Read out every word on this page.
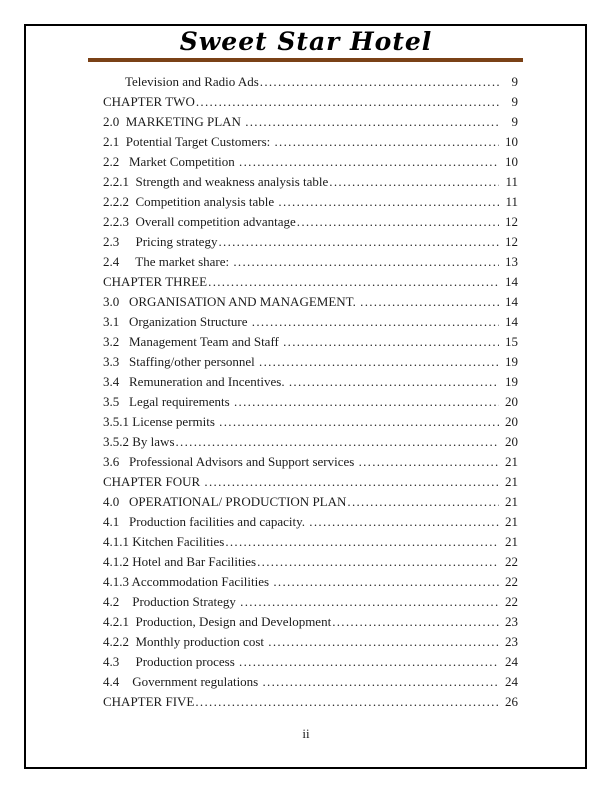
Sweet Star Hotel
Television and Radio Ads .....	9
CHAPTER TWO .....	9
2.0  MARKETING PLAN .....	9
2.1  Potential Target Customers: .....	10
2.2   Market Competition .....	10
2.2.1  Strength and weakness analysis table .....	11
2.2.2  Competition analysis table .....	11
2.2.3  Overall competition advantage .....	12
2.3     Pricing strategy .....	12
2.4     The market share: .....	13
CHAPTER THREE .....	14
3.0   ORGANISATION AND MANAGEMENT. .....	14
3.1   Organization Structure .....	14
3.2   Management Team and Staff .....	15
3.3   Staffing/other personnel .....	19
3.4   Remuneration and Incentives. .....	19
3.5   Legal requirements .....	20
3.5.1 License permits .....	20
3.5.2 By laws .....	20
3.6   Professional Advisors and Support services .....	21
CHAPTER FOUR .....	21
4.0   OPERATIONAL/ PRODUCTION PLAN .....	21
4.1   Production facilities and capacity. .....	21
4.1.1 Kitchen Facilities .....	21
4.1.2 Hotel and Bar Facilities .....	22
4.1.3 Accommodation Facilities .....	22
4.2    Production Strategy .....	22
4.2.1  Production, Design and Development .....	23
4.2.2  Monthly production cost .....	23
4.3     Production process .....	24
4.4    Government regulations .....	24
CHAPTER FIVE .....	26
ii
